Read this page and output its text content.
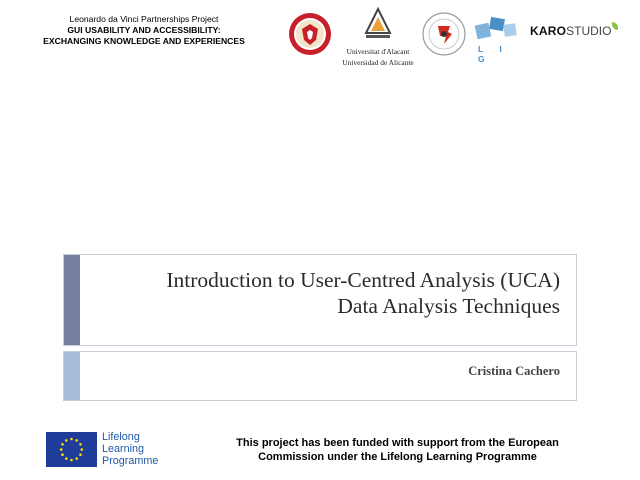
Leonardo da Vinci Partnerships Project
GUI USABILITY AND ACCESSIBILITY:
EXCHANGING KNOWLEDGE AND EXPERIENCES
Universitat d'Alacant
Universidad de Alicante
L I G
KAROSTUDIO
Introduction to User-Centred Analysis (UCA)
Data Analysis Techniques
Cristina Cachero
Lifelong
Learning
Programme
This project has been funded with support from the European
Commission under the Lifelong Learning Programme
